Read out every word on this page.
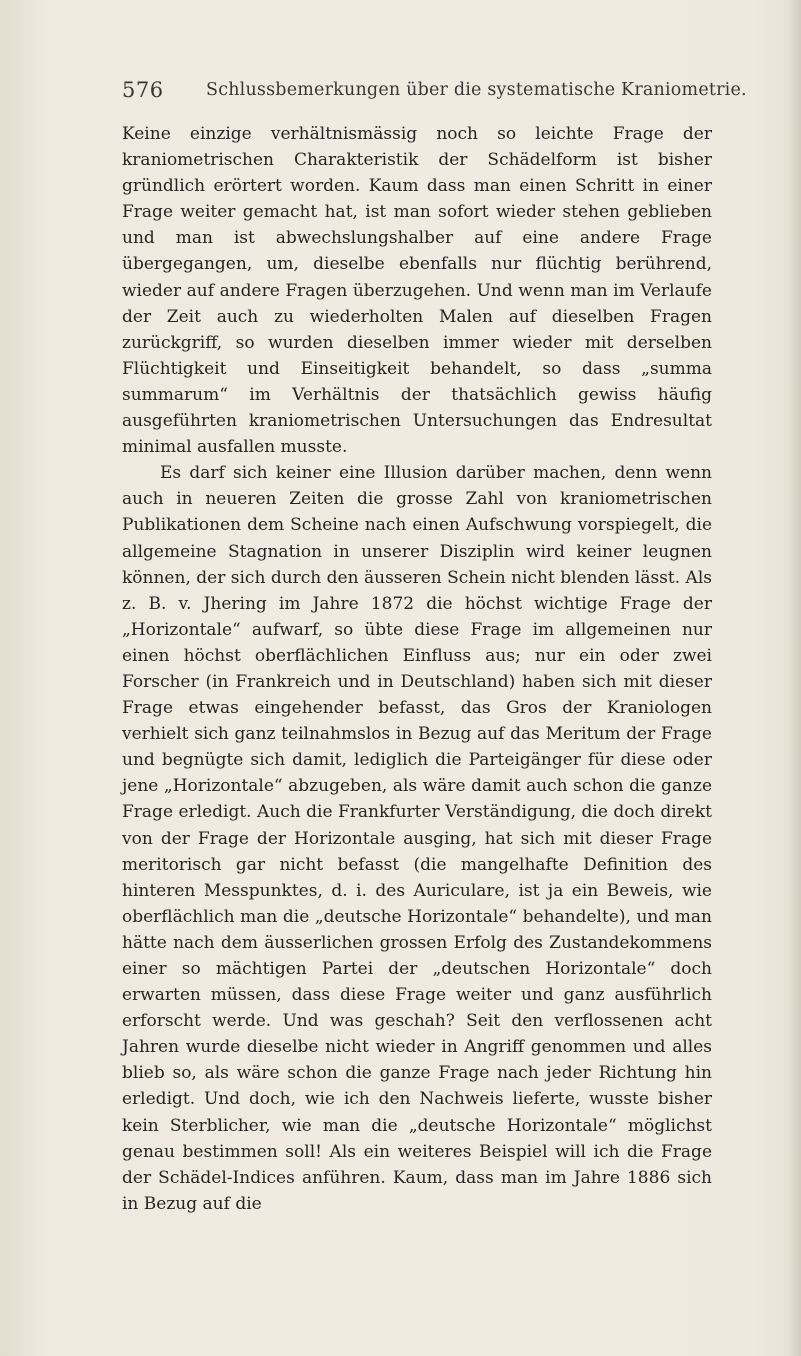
576 Schlussbemerkungen über die systematische Kraniometrie.

Keine einzige verhältnismässig noch so leichte Frage der kraniometrischen Charakteristik der Schädelform ist bisher gründlich erörtert worden. Kaum dass man einen Schritt in einer Frage weiter gemacht hat, ist man sofort wieder stehen geblieben und man ist abwechslungshalber auf eine andere Frage übergegangen, um, dieselbe ebenfalls nur flüchtig berührend, wieder auf andere Fragen überzugehen. Und wenn man im Verlaufe der Zeit auch zu wiederholten Malen auf dieselben Fragen zurückgriff, so wurden dieselben immer wieder mit derselben Flüchtigkeit und Einseitigkeit behandelt, so dass „summa summarum“ im Verhältnis der thatsächlich gewiss häufig ausgeführten kraniometrischen Untersuchungen das Endresultat minimal ausfallen musste.

Es darf sich keiner eine Illusion darüber machen, denn wenn auch in neueren Zeiten die grosse Zahl von kraniometrischen Publikationen dem Scheine nach einen Aufschwung vorspiegelt, die allgemeine Stagnation in unserer Disziplin wird keiner leugnen können, der sich durch den äusseren Schein nicht blenden lässt. Als z. B. v. Jhering im Jahre 1872 die höchst wichtige Frage der „Horizontale“ aufwarf, so übte diese Frage im allgemeinen nur einen höchst oberflächlichen Einfluss aus; nur ein oder zwei Forscher (in Frankreich und in Deutschland) haben sich mit dieser Frage etwas eingehender befasst, das Gros der Kraniologen verhielt sich ganz teilnahmslos in Bezug auf das Meritum der Frage und begnügte sich damit, lediglich die Parteigänger für diese oder jene „Horizontale“ abzugeben, als wäre damit auch schon die ganze Frage erledigt. Auch die Frankfurter Verständigung, die doch direkt von der Frage der Horizontale ausging, hat sich mit dieser Frage meritorisch gar nicht befasst (die mangelhafte Definition des hinteren Messpunktes, d. i. des Auriculare, ist ja ein Beweis, wie oberflächlich man die „deutsche Horizontale“ behandelte), und man hätte nach dem äusserlichen grossen Erfolg des Zustandekommens einer so mächtigen Partei der „deutschen Horizontale“ doch erwarten müssen, dass diese Frage weiter und ganz ausführlich erforscht werde. Und was geschah? Seit den verflossenen acht Jahren wurde dieselbe nicht wieder in Angriff genommen und alles blieb so, als wäre schon die ganze Frage nach jeder Richtung hin erledigt. Und doch, wie ich den Nachweis lieferte, wusste bisher kein Sterblicher, wie man die „deutsche Horizontale“ möglichst genau bestimmen soll! Als ein weiteres Beispiel will ich die Frage der Schädel-Indices anführen. Kaum, dass man im Jahre 1886 sich in Bezug auf die
